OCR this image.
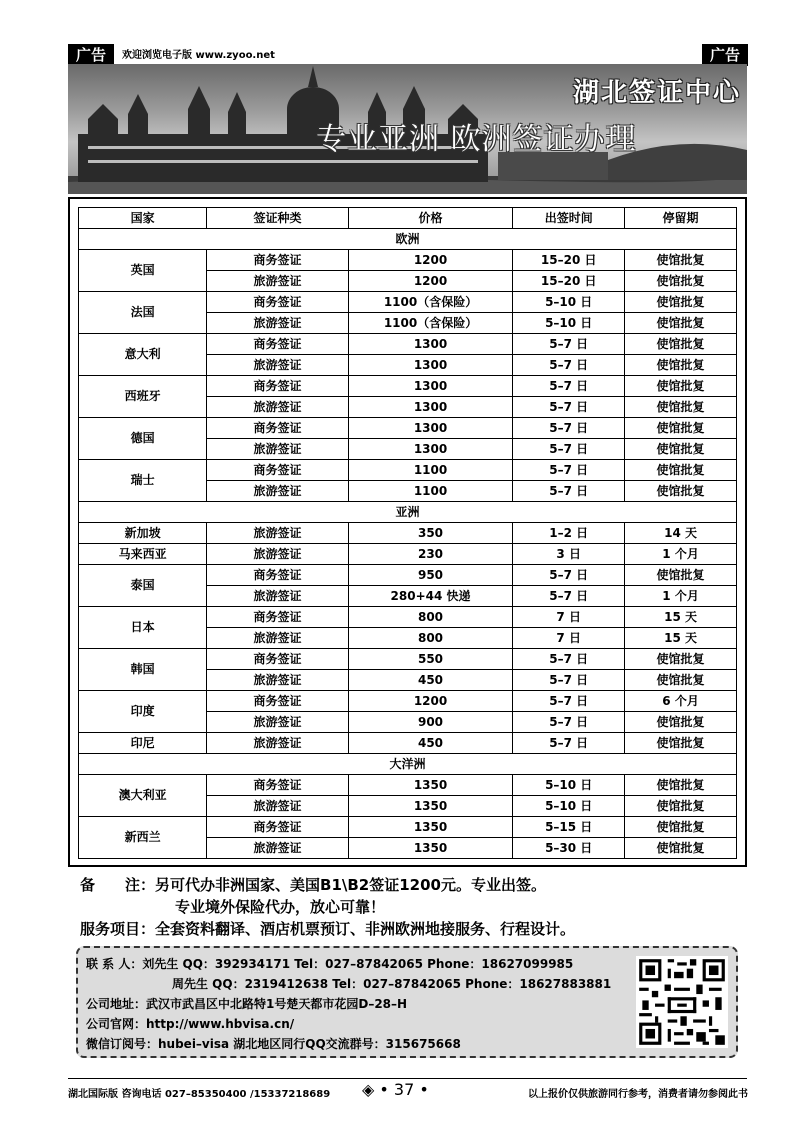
广告	欢迎浏览电子版 www.zyoo.net	广告
湖北签证中心
专业亚洲 欧洲签证办理
国家	签证种类	价格	出签时间	停留期
欧洲				
英国	商务签证	1200	15–20 日	使馆批复
	旅游签证	1200	15–20 日	使馆批复
法国	商务签证	1100（含保险）	5–10 日	使馆批复
	旅游签证	1100（含保险）	5–10 日	使馆批复
意大利	商务签证	1300	5–7 日	使馆批复
	旅游签证	1300	5–7 日	使馆批复
西班牙	商务签证	1300	5–7 日	使馆批复
	旅游签证	1300	5–7 日	使馆批复
德国	商务签证	1300	5–7 日	使馆批复
	旅游签证	1300	5–7 日	使馆批复
瑞士	商务签证	1100	5–7 日	使馆批复
	旅游签证	1100	5–7 日	使馆批复
亚洲				
新加坡	旅游签证	350	1–2 日	14 天
马来西亚	旅游签证	230	3 日	1 个月
泰国	商务签证	950	5–7 日	使馆批复
	旅游签证	280+44 快递	5–7 日	1 个月
日本	商务签证	800	7 日	15 天
	旅游签证	800	7 日	15 天
韩国	商务签证	550	5–7 日	使馆批复
	旅游签证	450	5–7 日	使馆批复
印度	商务签证	1200	5–7 日	6 个月
	旅游签证	900	5–7 日	使馆批复
印尼	旅游签证	450	5–7 日	使馆批复
大洋洲				
澳大利亚	商务签证	1350	5–10 日	使馆批复
	旅游签证	1350	5–10 日	使馆批复
新西兰	商务签证	1350	5–15 日	使馆批复
	旅游签证	1350	5–30 日	使馆批复
备　　注：另可代办非洲国家、美国B1\B2签证1200元。专业出签。
专业境外保险代办，放心可靠！
服务项目：全套资料翻译、酒店机票预订、非洲欧洲地接服务、行程设计。
联 系 人：刘先生 QQ：392934171 Tel：027–87842065 Phone：18627099985
周先生 QQ：2319412638 Tel：027–87842065 Phone：18627883881
公司地址：武汉市武昌区中北路特1号楚天都市花园D–28–H
公司官网：http://www.hbvisa.cn/
微信订阅号：hubei–visa 湖北地区同行QQ交流群号：315675668
湖北国际版 咨询电话 027–85350400 /15337218689 ◈ • 37 •	以上报价仅供旅游同行参考，消费者请勿参阅此书
